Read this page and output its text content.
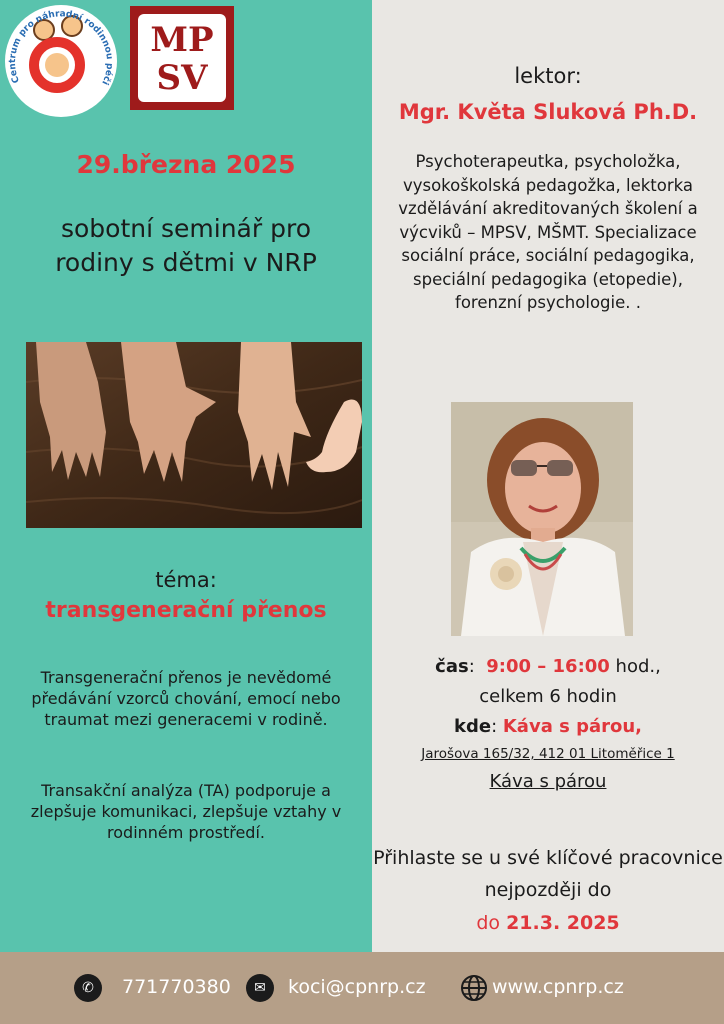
Centrum pro náhradní rodinnou péči
MP
SV
29.března 2025
sobotní seminář pro
rodiny s dětmi v NRP
téma:
transgenerační přenos
Transgenerační přenos je nevědomé předávání vzorců chování, emocí nebo traumat mezi generacemi v rodině.
Transakční analýza (TA) podporuje a zlepšuje komunikaci, zlepšuje vztahy v rodinném prostředí.
lektor:
Mgr. Květa Sluková Ph.D.
Psychoterapeutka, psycholožka, vysokoškolská pedagožka, lektorka vzdělávání akreditovaných školení a výcviků – MPSV, MŠMT. Specializace sociální práce, sociální pedagogika, speciální pedagogika (etopedie), forenzní psychologie. .
čas: 9:00 – 16:00 hod.,
celkem 6 hodin
kde: Káva s párou,
Jarošova 165/32, 412 01 Litoměřice 1
Káva s párou
Přihlaste se u své klíčové pracovnice nejpozději do
do 21.3. 2025
✆	771770380	✉	koci@cpnrp.cz	www.cpnrp.cz
